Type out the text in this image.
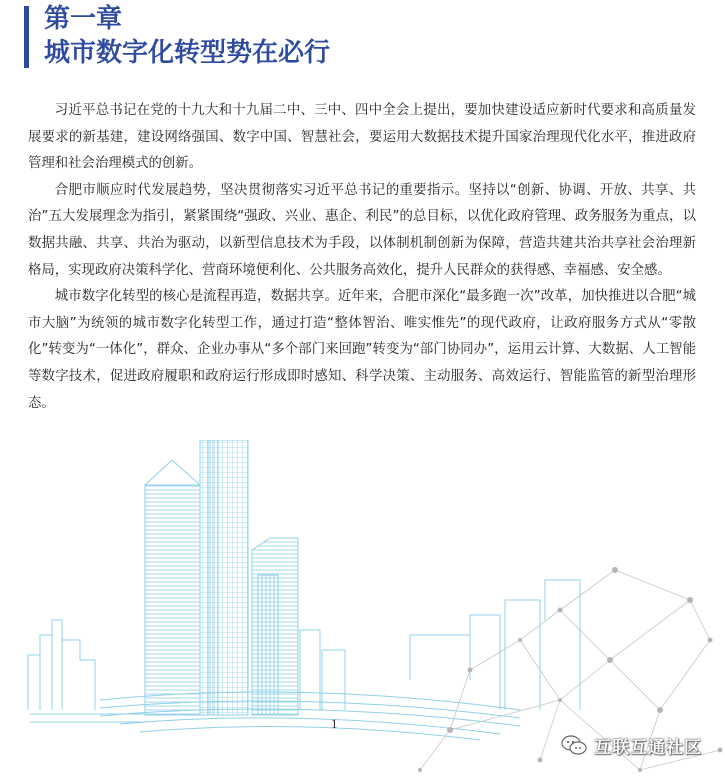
第一章
城市数字化转型势在必行

习近平总书记在党的十九大和十九届二中、三中、四中全会上提出，要加快建设适应新时代要求和高质量发展要求的新基建，建设网络强国、数字中国、智慧社会，要运用大数据技术提升国家治理现代化水平，推进政府管理和社会治理模式的创新。

合肥市顺应时代发展趋势，坚决贯彻落实习近平总书记的重要指示。坚持以“创新、协调、开放、共享、共治”五大发展理念为指引，紧紧围绕“强政、兴业、惠企、利民”的总目标，以优化政府管理、政务服务为重点，以数据共融、共享、共治为驱动，以新型信息技术为手段，以体制机制创新为保障，营造共建共治共享社会治理新格局，实现政府决策科学化、营商环境便利化、公共服务高效化，提升人民群众的获得感、幸福感、安全感。

城市数字化转型的核心是流程再造，数据共享。近年来，合肥市深化“最多跑一次”改革，加快推进以合肥“城市大脑”为统领的城市数字化转型工作，通过打造“整体智治、唯实惟先”的现代政府，让政府服务方式从“零散化”转变为“一体化”，群众、企业办事从“多个部门来回跑”转变为“部门协同办”，运用云计算、大数据、人工智能等数字技术，促进政府履职和政府运行形成即时感知、科学决策、主动服务、高效运行、智能监管的新型治理形态。

1
互联互通社区
